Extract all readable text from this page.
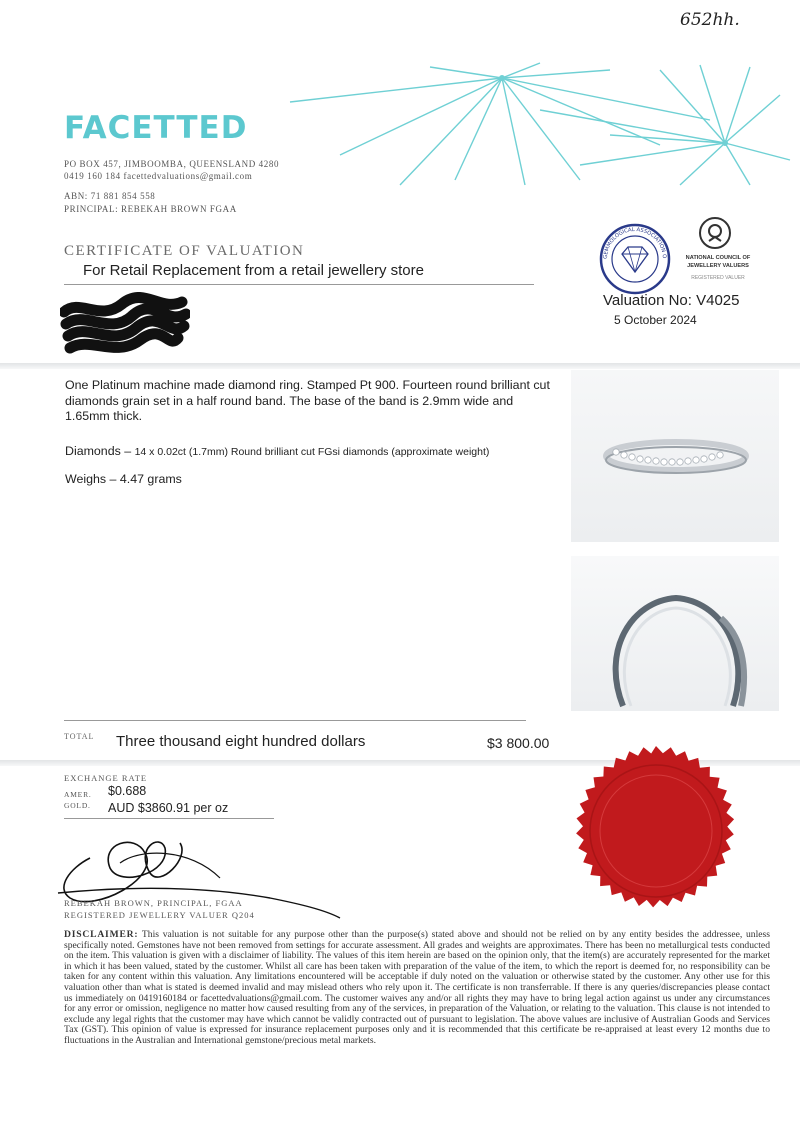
652hh.
FACETTED
PO BOX 457, JIMBOOMBA, QUEENSLAND 4280
0419 160 184 facettedvaluations@gmail.com
ABN: 71 881 854 558
PRINCIPAL: REBEKAH BROWN FGAA
CERTIFICATE OF VALUATION
For Retail Replacement from a retail jewellery store
GEMMOLOGICAL ASSOCIATION O	NATIONAL COUNCIL OF JEWELLERY VALUERS
REGISTERED VALUER
Valuation No: V4025
5 October 2024
One Platinum machine made diamond ring. Stamped Pt 900. Fourteen round brilliant cut diamonds grain set in a half round band. The base of the band is 2.9mm wide and 1.65mm thick.
Diamonds – 14 x 0.02ct (1.7mm) Round brilliant cut FGsi diamonds (approximate weight)
Weighs – 4.47 grams
TOTAL Three thousand eight hundred dollars	$3 800.00
EXCHANGE RATE
AMER. $0.688
GOLD. AUD $3860.91 per oz
REBEKAH BROWN, PRINCIPAL, FGAA
REGISTERED JEWELLERY VALUER Q204
DISCLAIMER: This valuation is not suitable for any purpose other than the purpose(s) stated above and should not be relied on by any entity besides the addressee, unless specifically noted. Gemstones have not been removed from settings for accurate assessment. All grades and weights are approximates. There has been no metallurgical tests conducted on the item. This valuation is given with a disclaimer of liability. The values of this item herein are based on the opinion only, that the item(s) are accurately represented for the market in which it has been valued, stated by the customer. Whilst all care has been taken with preparation of the value of the item, to which the report is deemed for, no responsibility can be taken for any content within this valuation. Any limitations encountered will be acceptable if duly noted on the valuation or otherwise stated by the customer. Any other use for this valuation other than what is stated is deemed invalid and may mislead others who rely upon it. The certificate is non transferrable. If there is any queries/discrepancies please contact us immediately on 0419160184 or facettedvaluations@gmail.com. The customer waives any and/or all rights they may have to bring legal action against us under any circumstances for any error or omission, negligence no matter how caused resulting from any of the services, in preparation of the Valuation, or relating to the valuation. This clause is not intended to exclude any legal rights that the customer may have which cannot be validly contracted out of pursuant to legislation. The above values are inclusive of Australian Goods and Services Tax (GST). This opinion of value is expressed for insurance replacement purposes only and it is recommended that this certificate be re-appraised at least every 12 months due to fluctuations in the Australian and International gemstone/precious metal markets.
